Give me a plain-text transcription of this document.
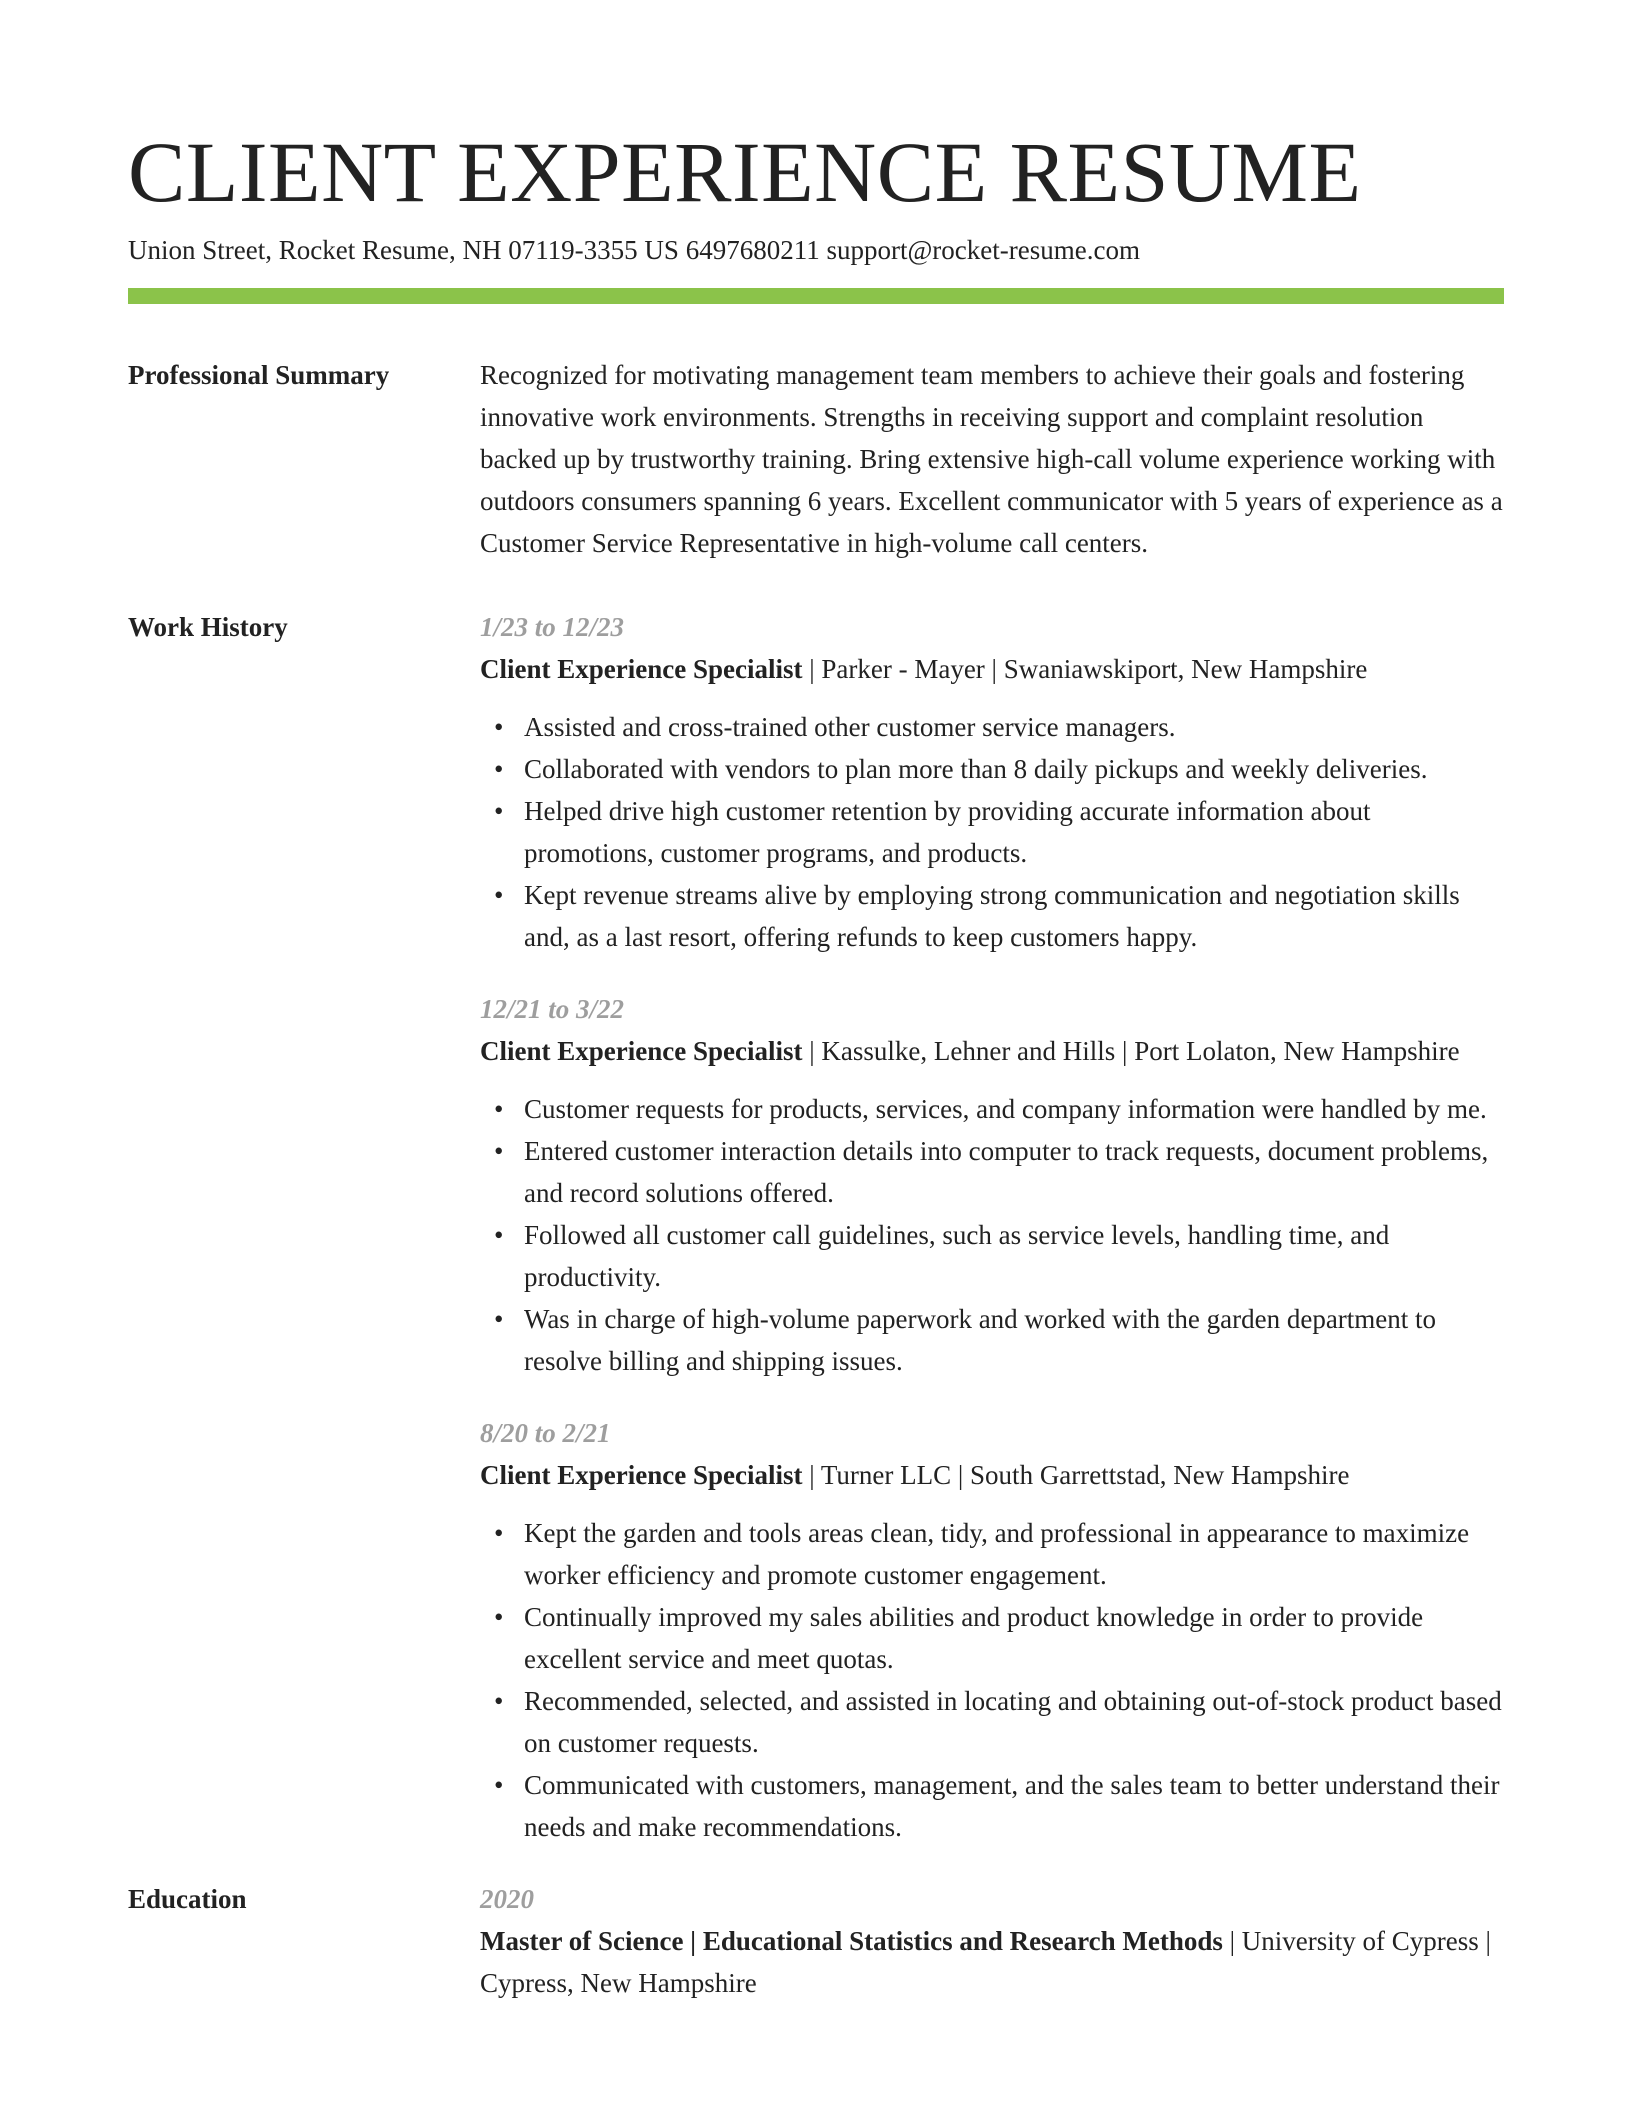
CLIENT EXPERIENCE RESUME
Union Street, Rocket Resume, NH 07119-3355 US 6497680211 support@rocket-resume.com
Professional Summary	Recognized for motivating management team members to achieve their goals and fostering innovative work environments. Strengths in receiving support and complaint resolution backed up by trustworthy training. Bring extensive high-call volume experience working with outdoors consumers spanning 6 years. Excellent communicator with 5 years of experience as a Customer Service Representative in high-volume call centers.
Work History	1/23 to 12/23
Client Experience Specialist | Parker - Mayer | Swaniawskiport, New Hampshire
• Assisted and cross-trained other customer service managers.
• Collaborated with vendors to plan more than 8 daily pickups and weekly deliveries.
• Helped drive high customer retention by providing accurate information about promotions, customer programs, and products.
• Kept revenue streams alive by employing strong communication and negotiation skills and, as a last resort, offering refunds to keep customers happy.
12/21 to 3/22
Client Experience Specialist | Kassulke, Lehner and Hills | Port Lolaton, New Hampshire
• Customer requests for products, services, and company information were handled by me.
• Entered customer interaction details into computer to track requests, document problems, and record solutions offered.
• Followed all customer call guidelines, such as service levels, handling time, and productivity.
• Was in charge of high-volume paperwork and worked with the garden department to resolve billing and shipping issues.
8/20 to 2/21
Client Experience Specialist | Turner LLC | South Garrettstad, New Hampshire
• Kept the garden and tools areas clean, tidy, and professional in appearance to maximize worker efficiency and promote customer engagement.
• Continually improved my sales abilities and product knowledge in order to provide excellent service and meet quotas.
• Recommended, selected, and assisted in locating and obtaining out-of-stock product based on customer requests.
• Communicated with customers, management, and the sales team to better understand their needs and make recommendations.
Education	2020
Master of Science | Educational Statistics and Research Methods | University of Cypress | Cypress, New Hampshire
